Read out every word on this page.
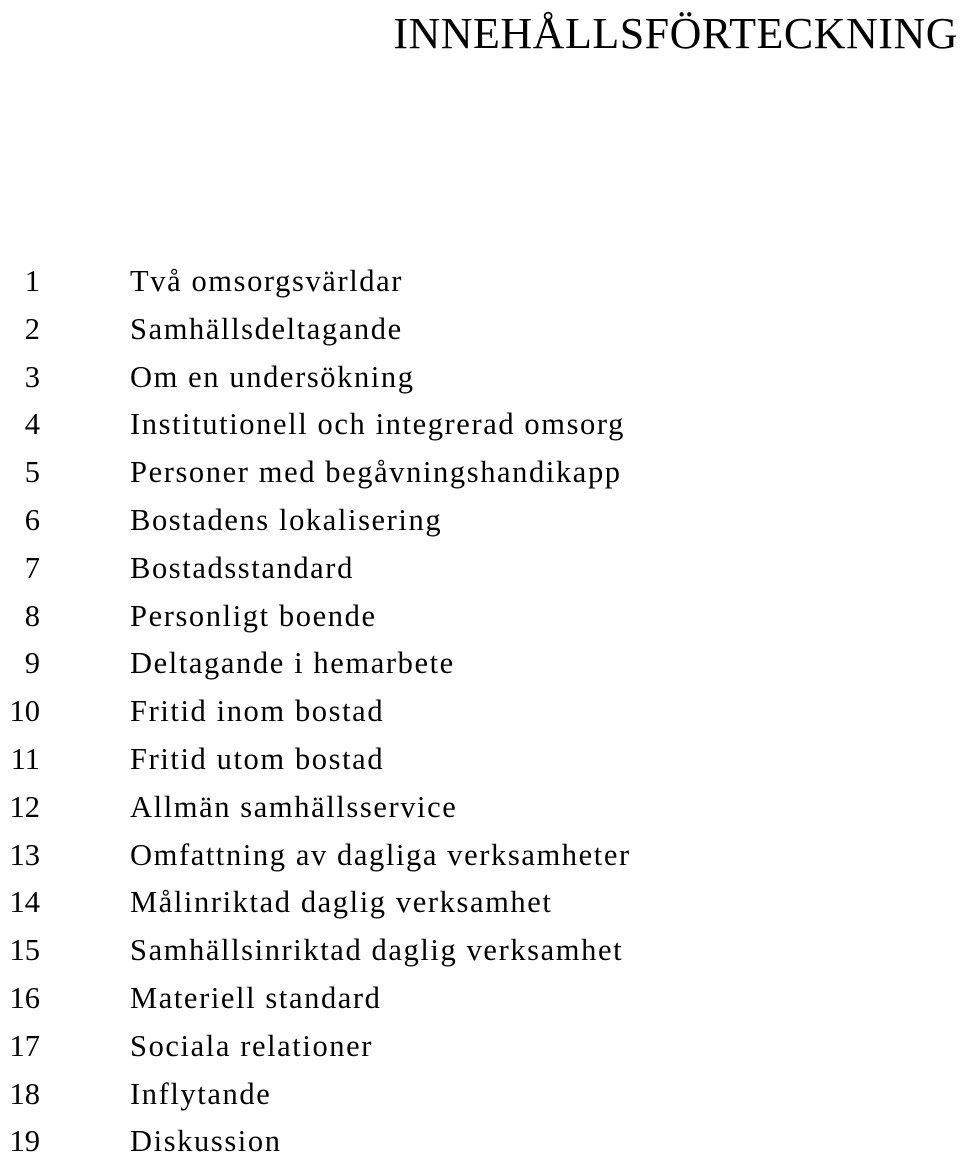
INNEHÅLLSFÖRTECKNING
1	Två omsorgsvärldar
2	Samhällsdeltagande
3	Om en undersökning
4	Institutionell och integrerad omsorg
5	Personer med begåvningshandikapp
6	Bostadens lokalisering
7	Bostadsstandard
8	Personligt boende
9	Deltagande i hemarbete
10	Fritid inom bostad
11	Fritid utom bostad
12	Allmän samhällsservice
13	Omfattning av dagliga verksamheter
14	Målinriktad daglig verksamhet
15	Samhällsinriktad daglig verksamhet
16	Materiell standard
17	Sociala relationer
18	Inflytande
19	Diskussion
